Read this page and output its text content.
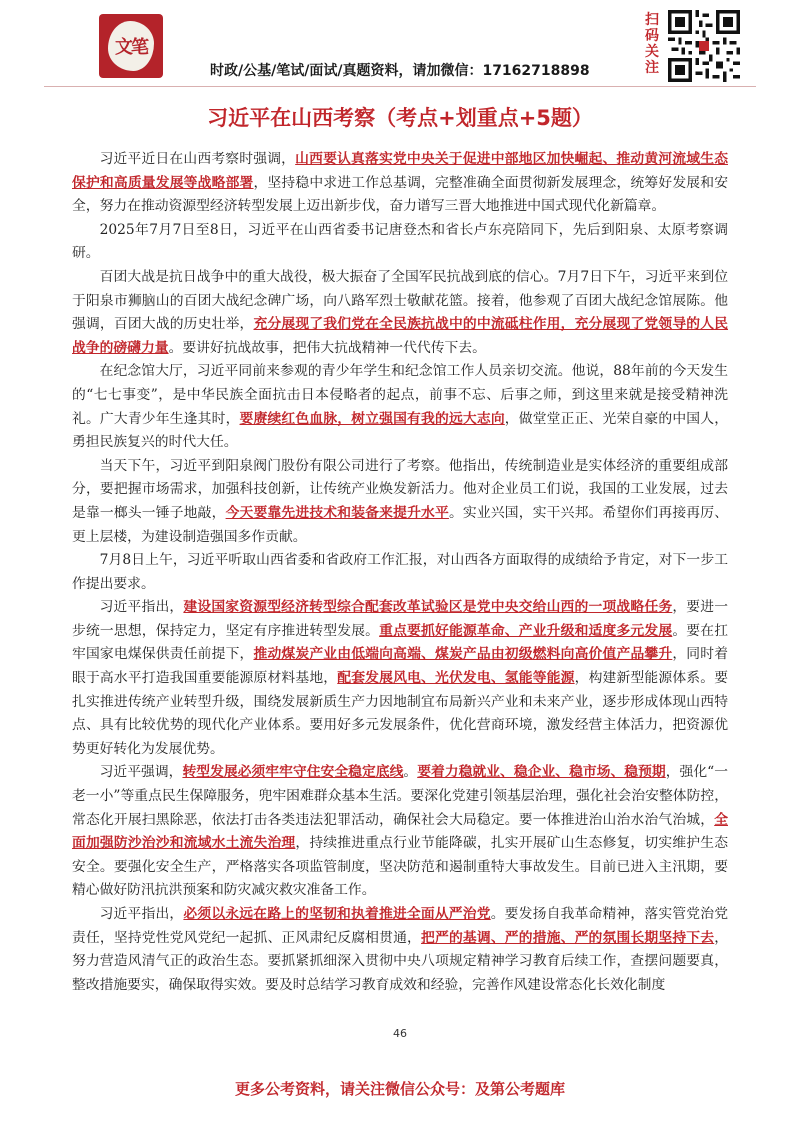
文笔
时政/公基/笔试/面试/真题资料，请加微信：17162718898
扫码关注
习近平在山西考察（考点+划重点+5题）

习近平近日在山西考察时强调，山西要认真落实党中央关于促进中部地区加快崛起、推动黄河流域生态保护和高质量发展等战略部署，坚持稳中求进工作总基调，完整准确全面贯彻新发展理念，统筹好发展和安全，努力在推动资源型经济转型发展上迈出新步伐，奋力谱写三晋大地推进中国式现代化新篇章。

2025年7月7日至8日，习近平在山西省委书记唐登杰和省长卢东亮陪同下，先后到阳泉、太原考察调研。

百团大战是抗日战争中的重大战役，极大振奋了全国军民抗战到底的信心。7月7日下午，习近平来到位于阳泉市狮脑山的百团大战纪念碑广场，向八路军烈士敬献花篮。接着，他参观了百团大战纪念馆展陈。他强调，百团大战的历史壮举，充分展现了我们党在全民族抗战中的中流砥柱作用，充分展现了党领导的人民战争的磅礴力量。要讲好抗战故事，把伟大抗战精神一代代传下去。

在纪念馆大厅，习近平同前来参观的青少年学生和纪念馆工作人员亲切交流。他说，88年前的今天发生的“七七事变”，是中华民族全面抗击日本侵略者的起点，前事不忘、后事之师，到这里来就是接受精神洗礼。广大青少年生逢其时，要赓续红色血脉，树立强国有我的远大志向，做堂堂正正、光荣自豪的中国人，勇担民族复兴的时代大任。

当天下午，习近平到阳泉阀门股份有限公司进行了考察。他指出，传统制造业是实体经济的重要组成部分，要把握市场需求，加强科技创新，让传统产业焕发新活力。他对企业员工们说，我国的工业发展，过去是靠一榔头一锤子地敲，今天要靠先进技术和装备来提升水平。实业兴国，实干兴邦。希望你们再接再厉、更上层楼，为建设制造强国多作贡献。

7月8日上午，习近平听取山西省委和省政府工作汇报，对山西各方面取得的成绩给予肯定，对下一步工作提出要求。

习近平指出，建设国家资源型经济转型综合配套改革试验区是党中央交给山西的一项战略任务，要进一步统一思想，保持定力，坚定有序推进转型发展。重点要抓好能源革命、产业升级和适度多元发展。要在扛牢国家电煤保供责任前提下，推动煤炭产业由低端向高端、煤炭产品由初级燃料向高价值产品攀升，同时着眼于高水平打造我国重要能源原材料基地，配套发展风电、光伏发电、氢能等能源，构建新型能源体系。要扎实推进传统产业转型升级，围绕发展新质生产力因地制宜布局新兴产业和未来产业，逐步形成体现山西特点、具有比较优势的现代化产业体系。要用好多元发展条件，优化营商环境，激发经营主体活力，把资源优势更好转化为发展优势。

习近平强调，转型发展必须牢牢守住安全稳定底线。要着力稳就业、稳企业、稳市场、稳预期，强化“一老一小”等重点民生保障服务，兜牢困难群众基本生活。要深化党建引领基层治理，强化社会治安整体防控，常态化开展扫黑除恶，依法打击各类违法犯罪活动，确保社会大局稳定。要一体推进治山治水治气治城，全面加强防沙治沙和流域水土流失治理，持续推进重点行业节能降碳，扎实开展矿山生态修复，切实维护生态安全。要强化安全生产，严格落实各项监管制度，坚决防范和遏制重特大事故发生。目前已进入主汛期，要精心做好防汛抗洪预案和防灾减灾救灾准备工作。

习近平指出，必须以永远在路上的坚韧和执着推进全面从严治党。要发扬自我革命精神，落实管党治党责任，坚持党性党风党纪一起抓、正风肃纪反腐相贯通，把严的基调、严的措施、严的氛围长期坚持下去，努力营造风清气正的政治生态。要抓紧抓细深入贯彻中央八项规定精神学习教育后续工作，查摆问题要真，整改措施要实，确保取得实效。要及时总结学习教育成效和经验，完善作风建设常态化长效化制度

46
更多公考资料，请关注微信公众号：及第公考题库
